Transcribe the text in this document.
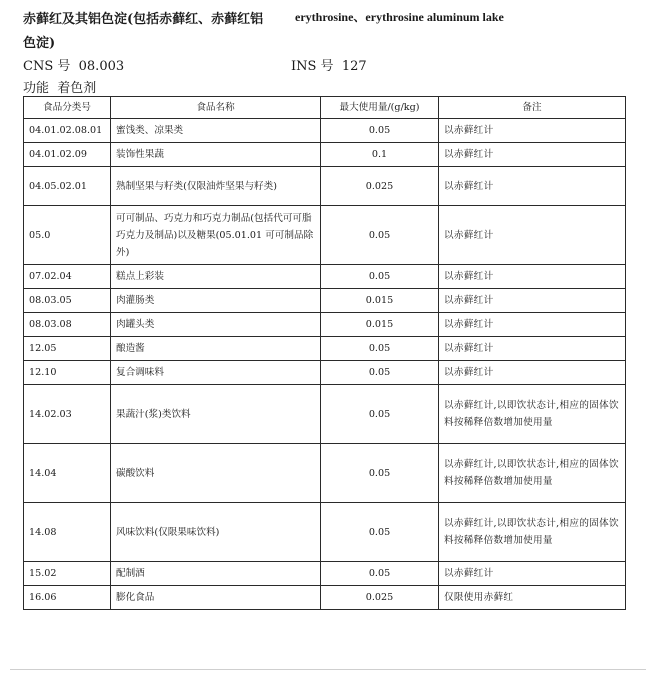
赤藓红及其铝色淀(包括赤藓红、赤藓红铝	erythrosine、erythrosine aluminum lake
色淀)
CNS 号 08.003	INS 号 127
功能 着色剂
食品分类号	食品名称	最大使用量/(g/kg)	备注
04.01.02.08.01	蜜饯类、凉果类	0.05	以赤藓红计
04.01.02.09	装饰性果蔬	0.1	以赤藓红计
04.05.02.01	熟制坚果与籽类(仅限油炸坚果与籽类)	0.025	以赤藓红计
05.0	可可制品、巧克力和巧克力制品(包括代可可脂巧克力及制品)以及糖果(05.01.01 可可制品除外)	0.05	以赤藓红计
07.02.04	糕点上彩装	0.05	以赤藓红计
08.03.05	肉灌肠类	0.015	以赤藓红计
08.03.08	肉罐头类	0.015	以赤藓红计
12.05	酿造酱	0.05	以赤藓红计
12.10	复合调味料	0.05	以赤藓红计
14.02.03	果蔬汁(浆)类饮料	0.05	以赤藓红计,以即饮状态计,相应的固体饮料按稀释倍数增加使用量
14.04	碳酸饮料	0.05	以赤藓红计,以即饮状态计,相应的固体饮料按稀释倍数增加使用量
14.08	风味饮料(仅限果味饮料)	0.05	以赤藓红计,以即饮状态计,相应的固体饮料按稀释倍数增加使用量
15.02	配制酒	0.05	以赤藓红计
16.06	膨化食品	0.025	仅限使用赤藓红
